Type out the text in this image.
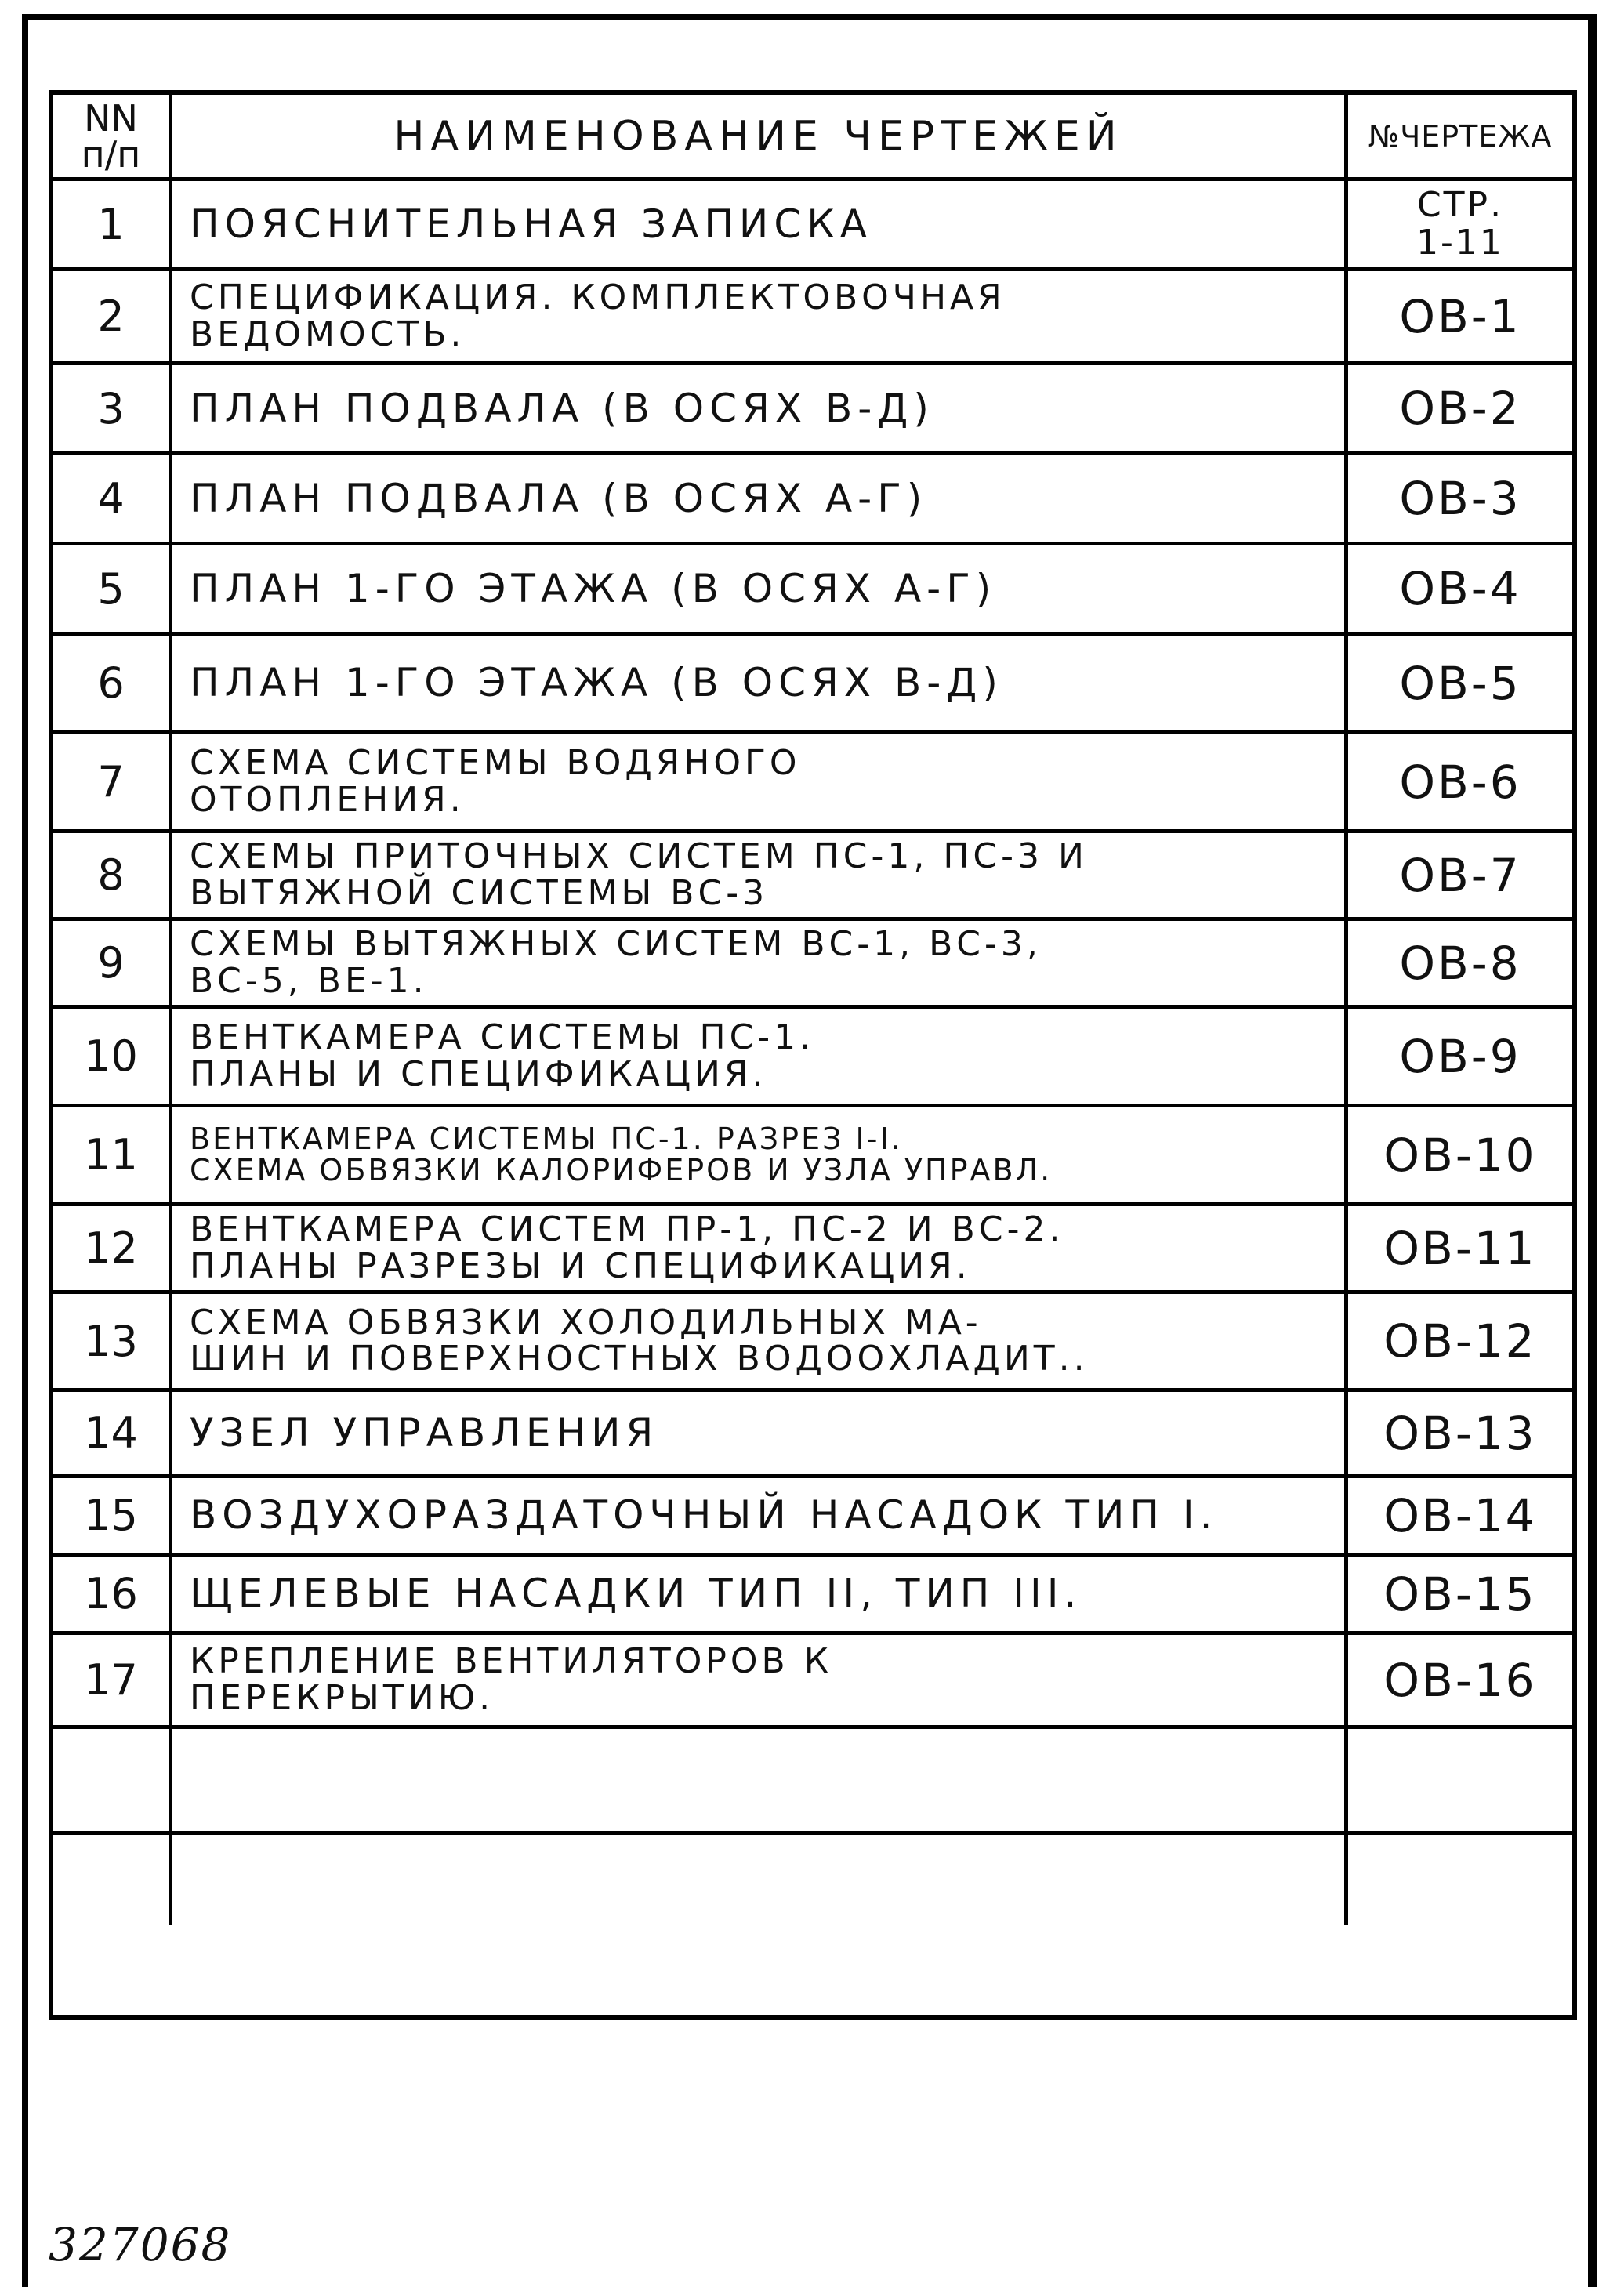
NN
п/п	НАИМЕНОВАНИЕ ЧЕРТЕЖЕЙ	№ЧЕРТЕЖА
1 ПОЯСНИТЕЛЬНАЯ ЗАПИСКА	СТР.
1-11
2 СПЕЦИФИКАЦИЯ. КОМПЛЕКТОВОЧНАЯ
ВЕДОМОСТЬ.	ОВ-1
3 ПЛАН ПОДВАЛА (В ОСЯХ В-Д)	ОВ-2
4 ПЛАН ПОДВАЛА (В ОСЯХ А-Г)	ОВ-3
5 ПЛАН 1-ГО ЭТАЖА (В ОСЯХ А-Г)	ОВ-4
6 ПЛАН 1-ГО ЭТАЖА (В ОСЯХ В-Д)	ОВ-5
7 СХЕМА СИСТЕМЫ ВОДЯНОГО
ОТОПЛЕНИЯ.	ОВ-6
8 СХЕМЫ ПРИТОЧНЫХ СИСТЕМ ПС-1, ПС-3 И
ВЫТЯЖНОЙ СИСТЕМЫ ВС-3	ОВ-7
9 СХЕМЫ ВЫТЯЖНЫХ СИСТЕМ ВС-1, ВС-3,
ВС-5, ВЕ-1.	ОВ-8
10 ВЕНТКАМЕРА СИСТЕМЫ ПС-1.
ПЛАНЫ И СПЕЦИФИКАЦИЯ.	ОВ-9
11 ВЕНТКАМЕРА СИСТЕМЫ ПС-1. РАЗРЕЗ I-I.
СХЕМА ОБВЯЗКИ КАЛОРИФЕРОВ И УЗЛА УПРАВЛ.	ОВ-10
12 ВЕНТКАМЕРА СИСТЕМ ПР-1, ПС-2 И ВС-2.
ПЛАНЫ РАЗРЕЗЫ И СПЕЦИФИКАЦИЯ.	ОВ-11
13 СХЕМА ОБВЯЗКИ ХОЛОДИЛЬНЫХ МА-
ШИН И ПОВЕРХНОСТНЫХ ВОДООХЛАДИТ..	ОВ-12
14 УЗЕЛ УПРАВЛЕНИЯ	ОВ-13
15 ВОЗДУХОРАЗДАТОЧНЫЙ НАСАДОК ТИП I.	ОВ-14
16 ЩЕЛЕВЫЕ НАСАДКИ ТИП II, ТИП III.	ОВ-15
17 КРЕПЛЕНИЕ ВЕНТИЛЯТОРОВ К
ПЕРЕКРЫТИЮ.	ОВ-16
327068
